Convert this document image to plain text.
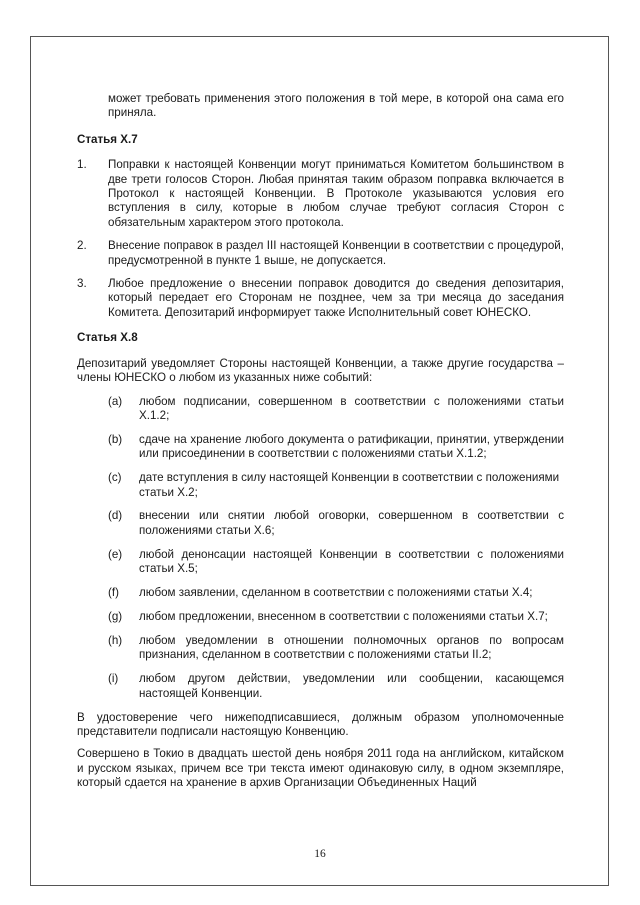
может требовать применения этого положения в той мере, в которой она сама его приняла.

Статья X.7
1.	Поправки к настоящей Конвенции могут приниматься Комитетом большинством в две трети голосов Сторон. Любая принятая таким образом поправка включается в Протокол к настоящей Конвенции. В Протоколе указываются условия его вступления в силу, которые в любом случае требуют согласия Сторон с обязательным характером этого протокола.
2.	Внесение поправок в раздел III настоящей Конвенции в соответствии с процедурой, предусмотренной в пункте 1 выше, не допускается.
3.	Любое предложение о внесении поправок доводится до сведения депозитария, который передает его Сторонам не позднее, чем за три месяца до заседания Комитета. Депозитарий информирует также Исполнительный совет ЮНЕСКО.
Статья X.8

Депозитарий уведомляет Стороны настоящей Конвенции, а также другие государства – члены ЮНЕСКО о любом из указанных ниже событий:

(a)	любом подписании, совершенном в соответствии с положениями статьи X.1.2;
(b)	сдаче на хранение любого документа о ратификации, принятии, утверждении или присоединении в соответствии с положениями статьи X.1.2;
(c)	дате вступления в силу настоящей Конвенции в соответствии с положениями
статьи X.2;
(d)	внесении или снятии любой оговорки, совершенном в соответствии с положениями статьи X.6;
(e)	любой денонсации настоящей Конвенции в соответствии с положениями статьи X.5;
(f)	любом заявлении, сделанном в соответствии с положениями статьи X.4;
(g)	любом предложении, внесенном в соответствии с положениями статьи X.7;
(h)	любом уведомлении в отношении полномочных органов по вопросам признания, сделанном в соответствии с положениями статьи II.2;
(i)	любом другом действии, уведомлении или сообщении, касающемся настоящей Конвенции.

В удостоверение чего нижеподписавшиеся, должным образом уполномоченные представители подписали настоящую Конвенцию.

Совершено в Токио в двадцать шестой день ноября 2011 года на английском, китайском и русском языках, причем все три текста имеют одинаковую силу, в одном экземпляре, который сдается на хранение в архив Организации Объединенных Наций

16
